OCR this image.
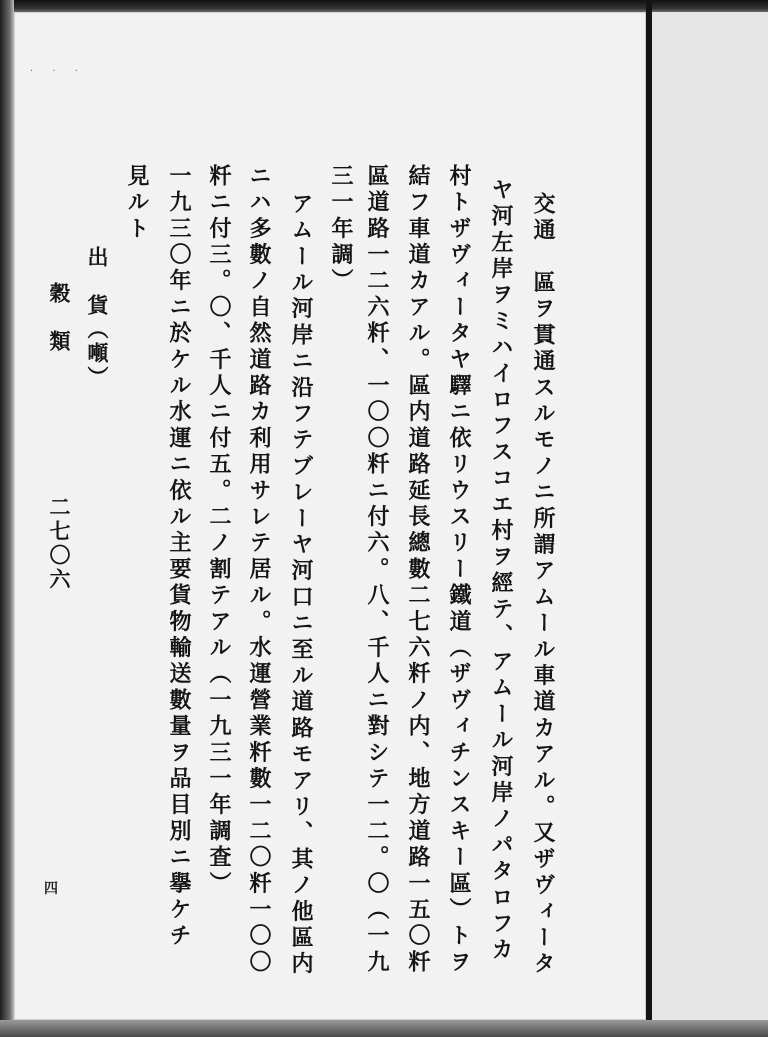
· · ·
交通　區ヲ貫通スルモノニ所謂アムール車道カアル。又ザヴィータ
ヤ河左岸ヲミハイロフスコエ村ヲ經テ、アムール河岸ノパタロフカ
村トザヴィータヤ驛ニ依リウスリー鐵道（ザヴィチンスキー區）トヲ
結フ車道カアル。區内道路延長總數二七六粁ノ内、地方道路一五〇粁
區道路一二六粁、一〇〇粁ニ付六。八、千人ニ對シテ一二。〇（一九
三一年調）
アムール河岸ニ沿フテブレーヤ河口ニ至ル道路モアリ、其ノ他區内
ニハ多數ノ自然道路カ利用サレテ居ル。水運營業粁數一二〇粁一〇〇
粁ニ付三。〇、千人ニ付五。二ノ割テアル（一九三一年調査）
一九三〇年ニ於ケル水運ニ依ル主要貨物輸送數量ヲ品目別ニ擧ケチ
見ルト
出　貨（噸）
穀　類
二七〇六
四
